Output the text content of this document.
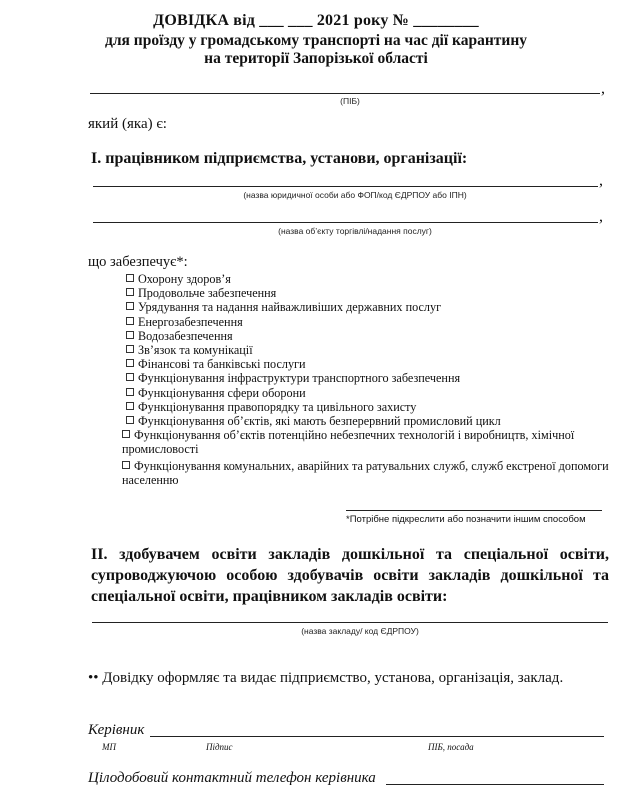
ДОВІДКА від ___ ___ 2021 року № ________
для проїзду у громадському транспорті на час дії карантину
на території Запорізької області
,
(ПІБ)
який (яка) є:
І. працівником підприємства, установи, організації:
,
(назва юридичної особи або ФОП/код ЄДРПОУ або ІПН)
,
(назва об’єкту торгівлі/надання послуг)
що забезпечує*:
Охорону здоров’я
Продовольче забезпечення
Урядування та надання найважливіших державних послуг
Енергозабезпечення
Водозабезпечення
Зв’язок та комунікації
Фінансові та банківські послуги
Функціонування інфраструктури транспортного забезпечення
Функціонування сфери оборони
Функціонування правопорядку та цивільного захисту
Функціонування об’єктів, які мають безперервний промисловий цикл
Функціонування об’єктів потенційно небезпечних технологій і виробництв, хімічної промисловості
Функціонування комунальних, аварійних та ратувальних служб, служб екстреної допомоги населенню
*Потрібне підкреслити або позначити іншим способом
ІІ. здобувачем освіти закладів дошкільної та спеціальної освіти, супроводжуючою особою здобувачів освіти закладів дошкільної та спеціальної освіти, працівником закладів освіти:
(назва закладу/ код ЄДРПОУ)
•• Довідку оформляє та видає підприємство, установа, організація, заклад.
Керівник
МП	Підпис	ПІБ, посада
Цілодобовий контактний телефон керівника
